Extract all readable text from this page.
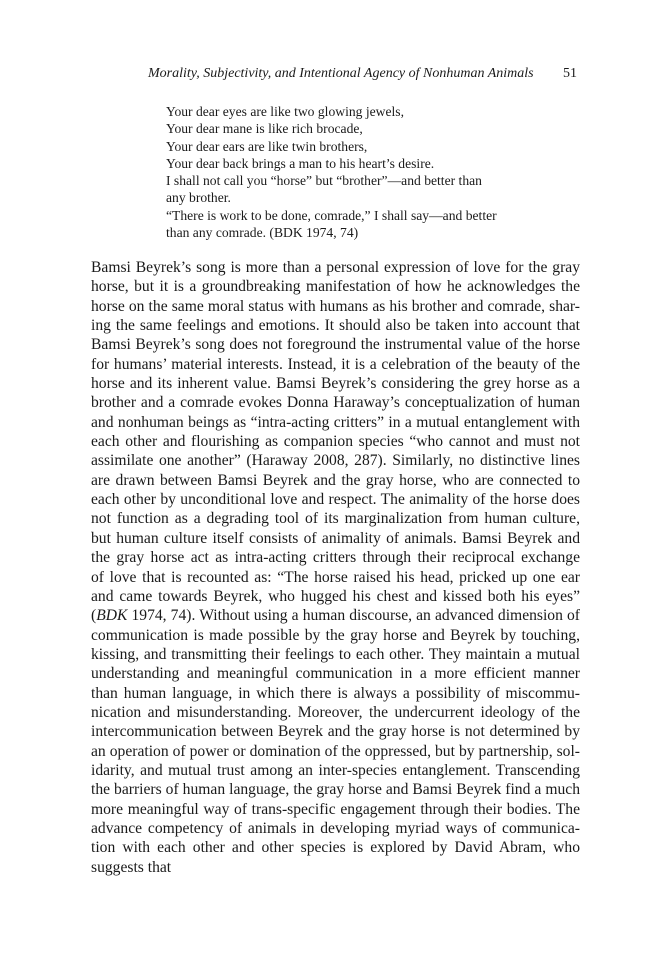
Morality, Subjectivity, and Intentional Agency of Nonhuman Animals 51
Your dear eyes are like two glowing jewels,
Your dear mane is like rich brocade,
Your dear ears are like twin brothers,
Your dear back brings a man to his heart’s desire.
I shall not call you “horse” but “brother”—and better than
any brother.
“There is work to be done, comrade,” I shall say—and better
than any comrade. (BDK 1974, 74)
Bamsi Beyrek’s song is more than a personal expression of love for the gray
horse, but it is a groundbreaking manifestation of how he acknowledges the
horse on the same moral status with humans as his brother and comrade, shar-
ing the same feelings and emotions. It should also be taken into account that
Bamsi Beyrek’s song does not foreground the instrumental value of the horse
for humans’ material interests. Instead, it is a celebration of the beauty of the
horse and its inherent value. Bamsi Beyrek’s considering the grey horse as a
brother and a comrade evokes Donna Haraway’s conceptualization of human
and nonhuman beings as “intra-acting critters” in a mutual entanglement with
each other and flourishing as companion species “who cannot and must not
assimilate one another” (Haraway 2008, 287). Similarly, no distinctive lines
are drawn between Bamsi Beyrek and the gray horse, who are connected to
each other by unconditional love and respect. The animality of the horse does
not function as a degrading tool of its marginalization from human culture,
but human culture itself consists of animality of animals. Bamsi Beyrek and
the gray horse act as intra-acting critters through their reciprocal exchange
of love that is recounted as: “The horse raised his head, pricked up one ear
and came towards Beyrek, who hugged his chest and kissed both his eyes”
(BDK 1974, 74). Without using a human discourse, an advanced dimension of
communication is made possible by the gray horse and Beyrek by touching,
kissing, and transmitting their feelings to each other. They maintain a mutual
understanding and meaningful communication in a more efficient manner
than human language, in which there is always a possibility of miscommu-
nication and misunderstanding. Moreover, the undercurrent ideology of the
intercommunication between Beyrek and the gray horse is not determined by
an operation of power or domination of the oppressed, but by partnership, sol-
idarity, and mutual trust among an inter-species entanglement. Transcending
the barriers of human language, the gray horse and Bamsi Beyrek find a much
more meaningful way of trans-specific engagement through their bodies. The
advance competency of animals in developing myriad ways of communica-
tion with each other and other species is explored by David Abram, who
suggests that
